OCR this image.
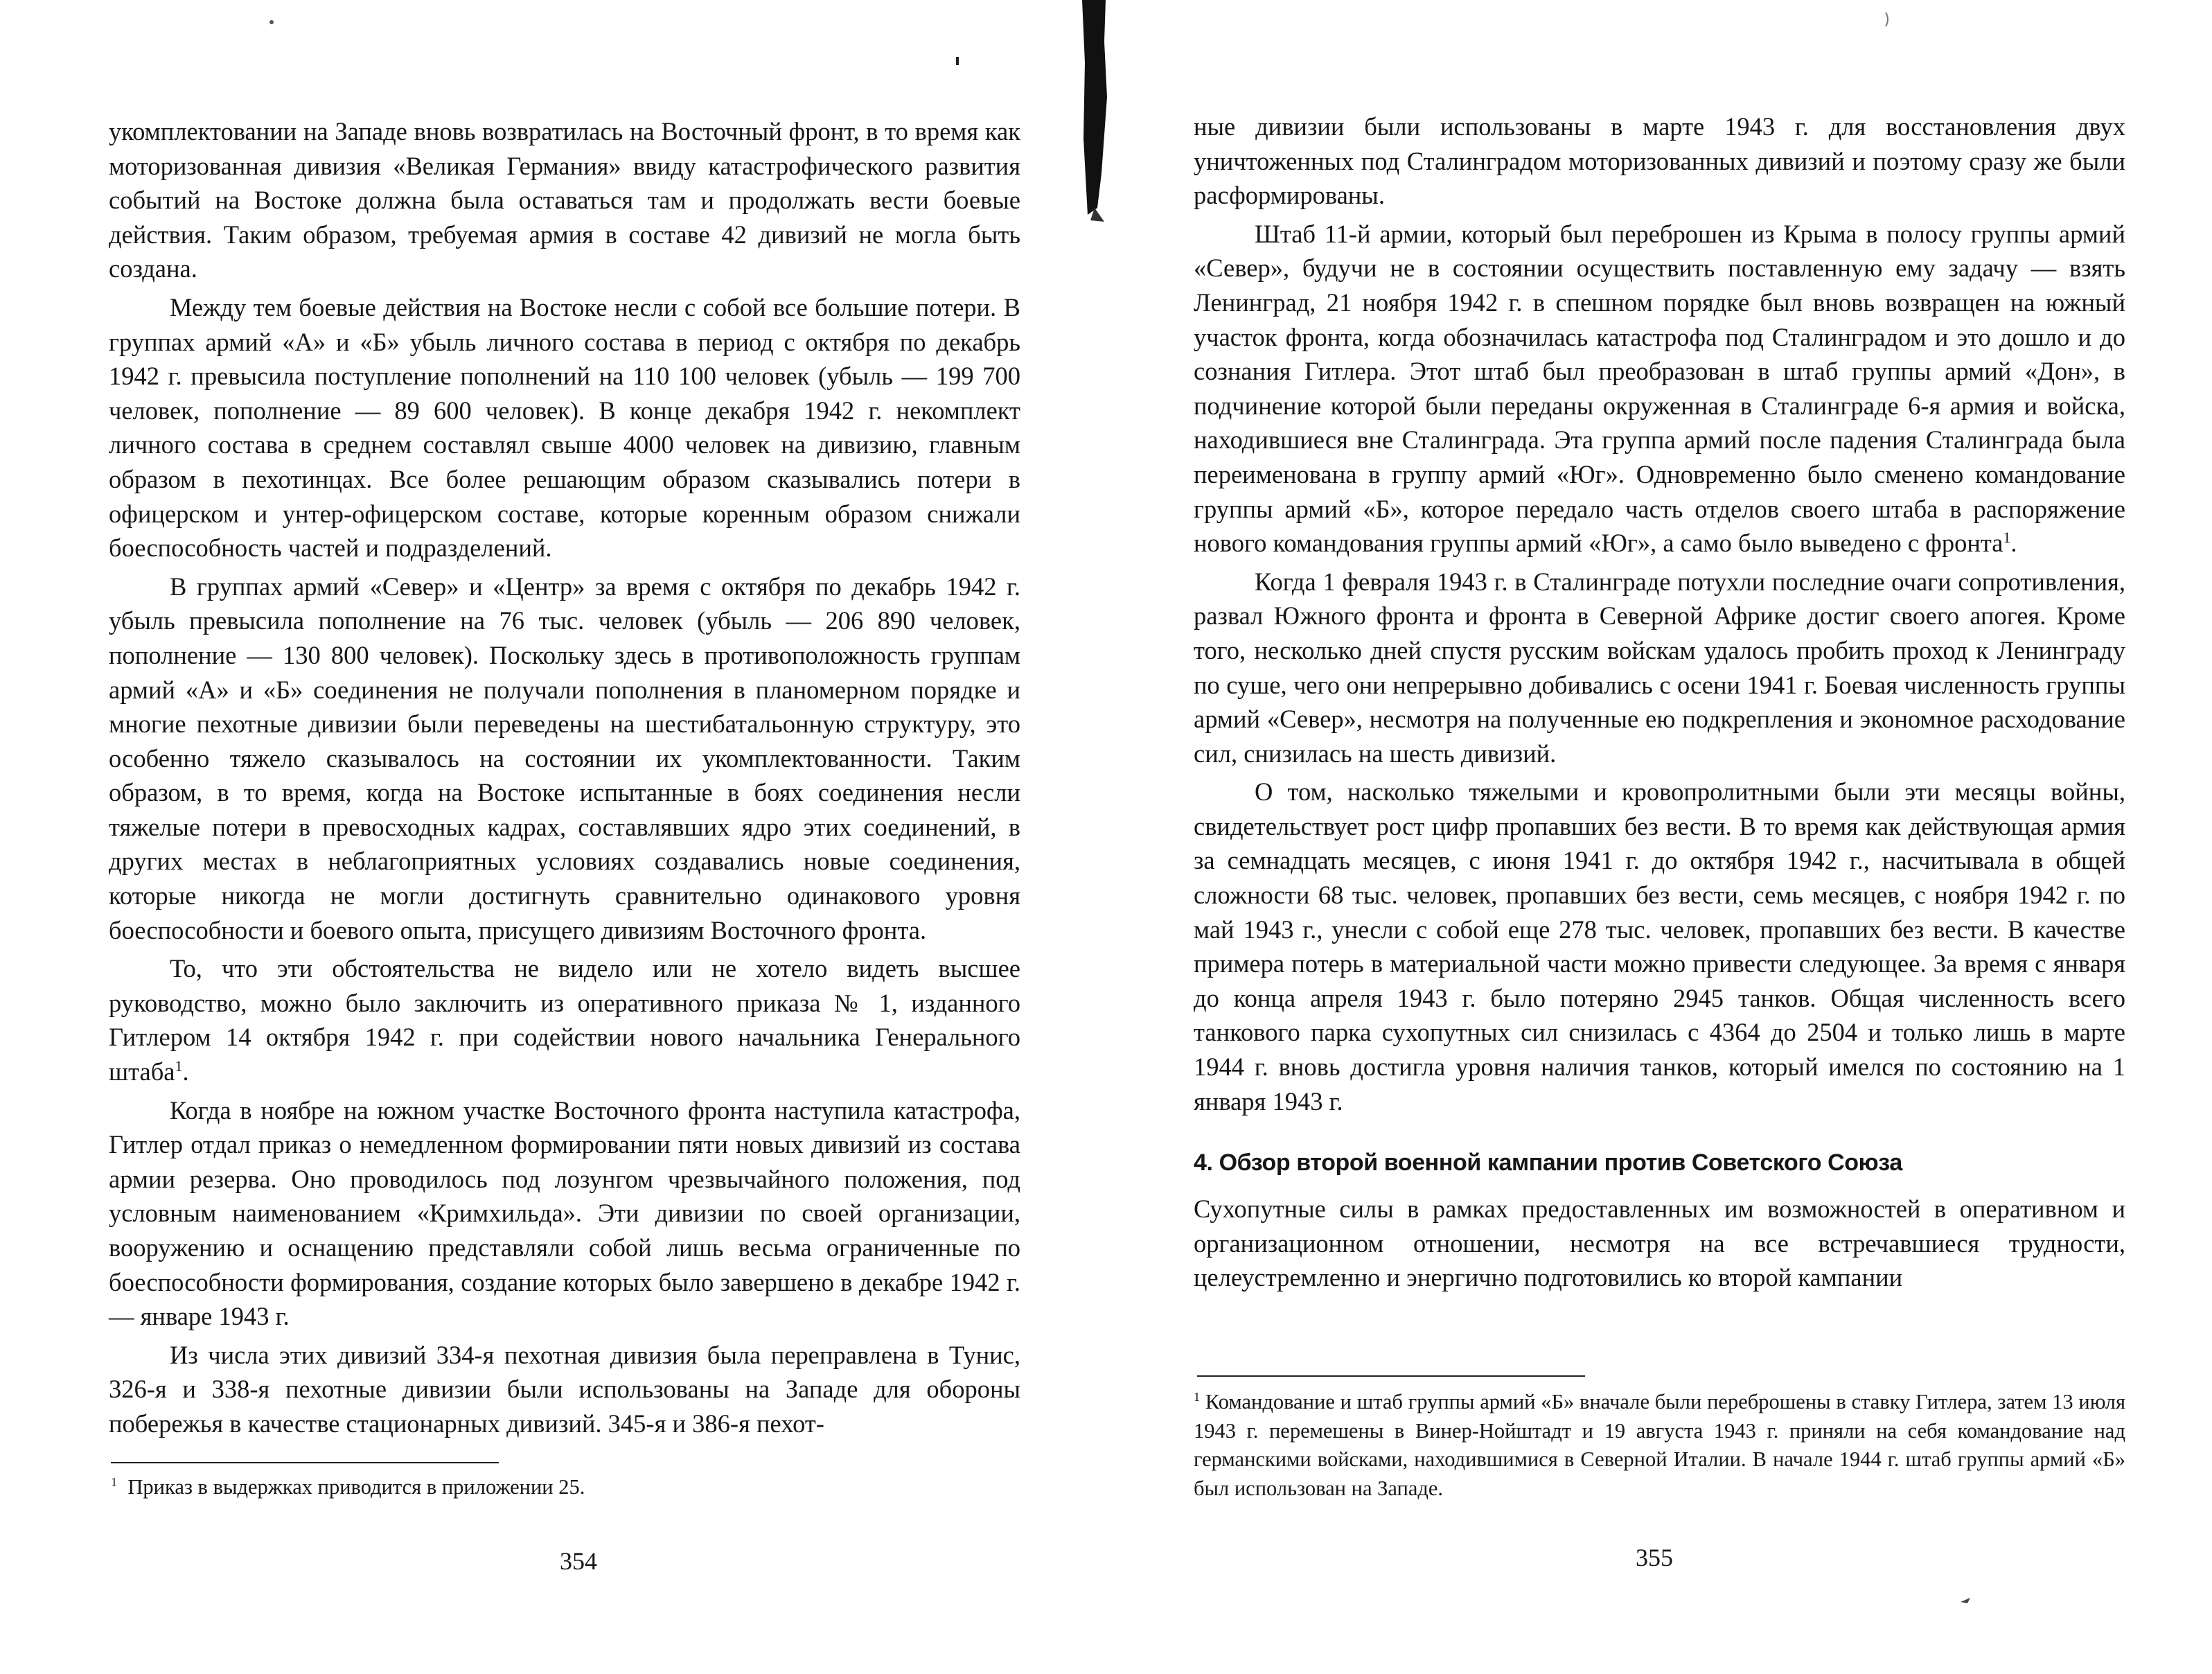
укомплектовании на Западе вновь возвратилась на Восточный фронт, в то время как моторизованная дивизия «Великая Германия» ввиду катастрофического развития событий на Востоке должна была оставаться там и продолжать вести боевые действия. Таким образом, требуемая армия в составе 42 дивизий не могла быть создана.

Между тем боевые действия на Востоке несли с собой все большие потери. В группах армий «А» и «Б» убыль личного состава в период с октября по декабрь 1942 г. превысила поступление пополнений на 110 100 человек (убыль — 199 700 человек, пополнение — 89 600 человек). В конце декабря 1942 г. некомплект личного состава в среднем составлял свыше 4000 человек на дивизию, главным образом в пехотинцах. Все более решающим образом сказывались потери в офицерском и унтер-офицерском составе, которые коренным образом снижали боеспособность частей и подразделений.

В группах армий «Север» и «Центр» за время с октября по декабрь 1942 г. убыль превысила пополнение на 76 тыс. человек (убыль — 206 890 человек, пополнение — 130 800 человек). Поскольку здесь в противоположность группам армий «А» и «Б» соединения не получали пополнения в планомерном порядке и многие пехотные дивизии были переведены на шестибатальонную структуру, это особенно тяжело сказывалось на состоянии их укомплектованности. Таким образом, в то время, когда на Востоке испытанные в боях соединения несли тяжелые потери в превосходных кадрах, составлявших ядро этих соединений, в других местах в неблагоприятных условиях создавались новые соединения, которые никогда не могли достигнуть сравнительно одинакового уровня боеспособности и боевого опыта, присущего дивизиям Восточного фронта.

То, что эти обстоятельства не видело или не хотело видеть высшее руководство, можно было заключить из оперативного приказа № 1, изданного Гитлером 14 октября 1942 г. при содействии нового начальника Генерального штаба$^1$.

Когда в ноябре на южном участке Восточного фронта наступила катастрофа, Гитлер отдал приказ о немедленном формировании пяти новых дивизий из состава армии резерва. Оно проводилось под лозунгом чрезвычайного положения, под условным наименованием «Кримхильда». Эти дивизии по своей организации, вооружению и оснащению представляли собой лишь весьма ограниченные по боеспособности формирования, создание которых было завершено в декабре 1942 г. — январе 1943 г.

Из числа этих дивизий 334-я пехотная дивизия была переправлена в Тунис, 326-я и 338-я пехотные дивизии были использованы на Западе для обороны побережья в качестве стационарных дивизий. 345-я и 386-я пехот-

$^1$ Приказ в выдержках приводится в приложении 25.
354

ные дивизии были использованы в марте 1943 г. для восстановления двух уничтоженных под Сталинградом моторизованных дивизий и поэтому сразу же были расформированы.

Штаб 11-й армии, который был переброшен из Крыма в полосу группы армий «Север», будучи не в состоянии осуществить поставленную ему задачу — взять Ленинград, 21 ноября 1942 г. в спешном порядке был вновь возвращен на южный участок фронта, когда обозначилась катастрофа под Сталинградом и это дошло и до сознания Гитлера. Этот штаб был преобразован в штаб группы армий «Дон», в подчинение которой были переданы окруженная в Сталинграде 6-я армия и войска, находившиеся вне Сталинграда. Эта группа армий после падения Сталинграда была переименована в группу армий «Юг». Одновременно было сменено командование группы армий «Б», которое передало часть отделов своего штаба в распоряжение нового командования группы армий «Юг», а само было выведено с фронта$^1$.

Когда 1 февраля 1943 г. в Сталинграде потухли последние очаги сопротивления, развал Южного фронта и фронта в Северной Африке достиг своего апогея. Кроме того, несколько дней спустя русским войскам удалось пробить проход к Ленинграду по суше, чего они непрерывно добивались с осени 1941 г. Боевая численность группы армий «Север», несмотря на полученные ею подкрепления и экономное расходование сил, снизилась на шесть дивизий.

О том, насколько тяжелыми и кровопролитными были эти месяцы войны, свидетельствует рост цифр пропавших без вести. В то время как действующая армия за семнадцать месяцев, с июня 1941 г. до октября 1942 г., насчитывала в общей сложности 68 тыс. человек, пропавших без вести, семь месяцев, с ноября 1942 г. по май 1943 г., унесли с собой еще 278 тыс. человек, пропавших без вести. В качестве примера потерь в материальной части можно привести следующее. За время с января до конца апреля 1943 г. было потеряно 2945 танков. Общая численность всего танкового парка сухопутных сил снизилась с 4364 до 2504 и только лишь в марте 1944 г. вновь достигла уровня наличия танков, который имелся по состоянию на 1 января 1943 г.

4. Обзор второй военной кампании против Советского Союза

Сухопутные силы в рамках предоставленных им возможностей в оперативном и организационном отношении, несмотря на все встречавшиеся трудности, целеустремленно и энергично подготовились ко второй кампании

$^1$ Командование и штаб группы армий «Б» вначале были переброшены в ставку Гитлера, затем 13 июля 1943 г. перемешены в Винер-Нойштадт и 19 августа 1943 г. приняли на себя командование над германскими войсками, находившимися в Северной Италии. В начале 1944 г. штаб группы армий «Б» был использован на Западе.
355
